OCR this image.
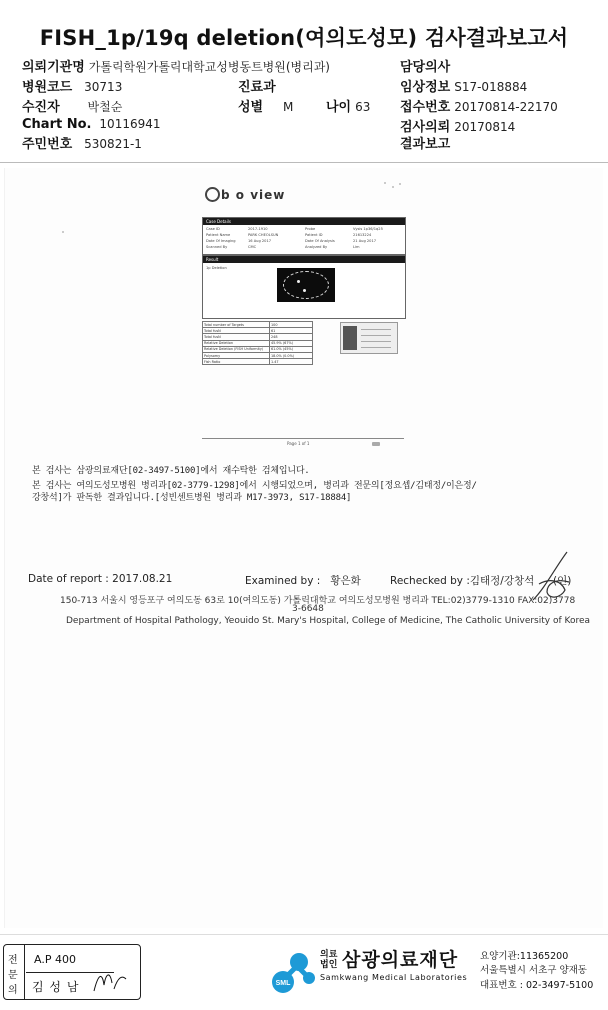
FISH_1p/19q deletion(여의도성모) 검사결과보고서
의뢰기관명 가톨릭학원가톨릭대학교성병동트병원(병리과)	담당의사
병원코드 30713	진료과	임상정보 S17-018884
수진자 박철순	성별 M	나이 63 접수번호 20170814-22170
Chart No. 10116941	검사의뢰 20170814
주민번호 530821-1	결과보고
b o view
Case Details
Case ID	2017-1910	Probe	Vysis 1p36/1q25
Patient Name	PARK CHEOLSUN	Patient ID	21613224
Date Of Imaging	16 Aug 2017	Date Of Analysis	21 Aug 2017
Scanned By	CMC	Analyzed By	Lim
Result
1p Deletion
Total number of Targets	100
Total fusN	61
Total fusN	248
Relative Deletion	45.9% (67%)
Relative Deletion (FISH Uniformity)	61.0% (45%)
Polysomy	18.0% (0.0%)
Fish Ratio	1.47
Page 1 of 1
본 검사는 삼광의료재단[02-3497-5100]에서 재수탁한 검체입니다.
본 검사는 여의도성모병원 병리과[02-3779-1298]에서 시행되었으며, 병리과 전문의[정요셉/김태정/이은정/
강창석]가 판독한 결과입니다.[성빈센트병원 병리과 M17-3973, S17-18884]
Date of report : 2017.08.21	Examined by : 황은화	Rechecked by :김태정/강창석 (인)
150-713 서울시 영등포구 여의도동 63로 10(여의도동) 가톨릭대학교 여의도성모병원 병리과 TEL:02)3779-1310 FAX:02)3778
3-6648
Department of Hospital Pathology, Yeouido St. Mary's Hospital, College of Medicine, The Catholic University of Korea
전
문
의
A.P 400
김 성 남	SML
의료
법인 삼광의료재단
Samkwang Medical Laboratories
요양기관:11365200
서울특별시 서초구 양재동
대표번호 : 02-3497-5100
